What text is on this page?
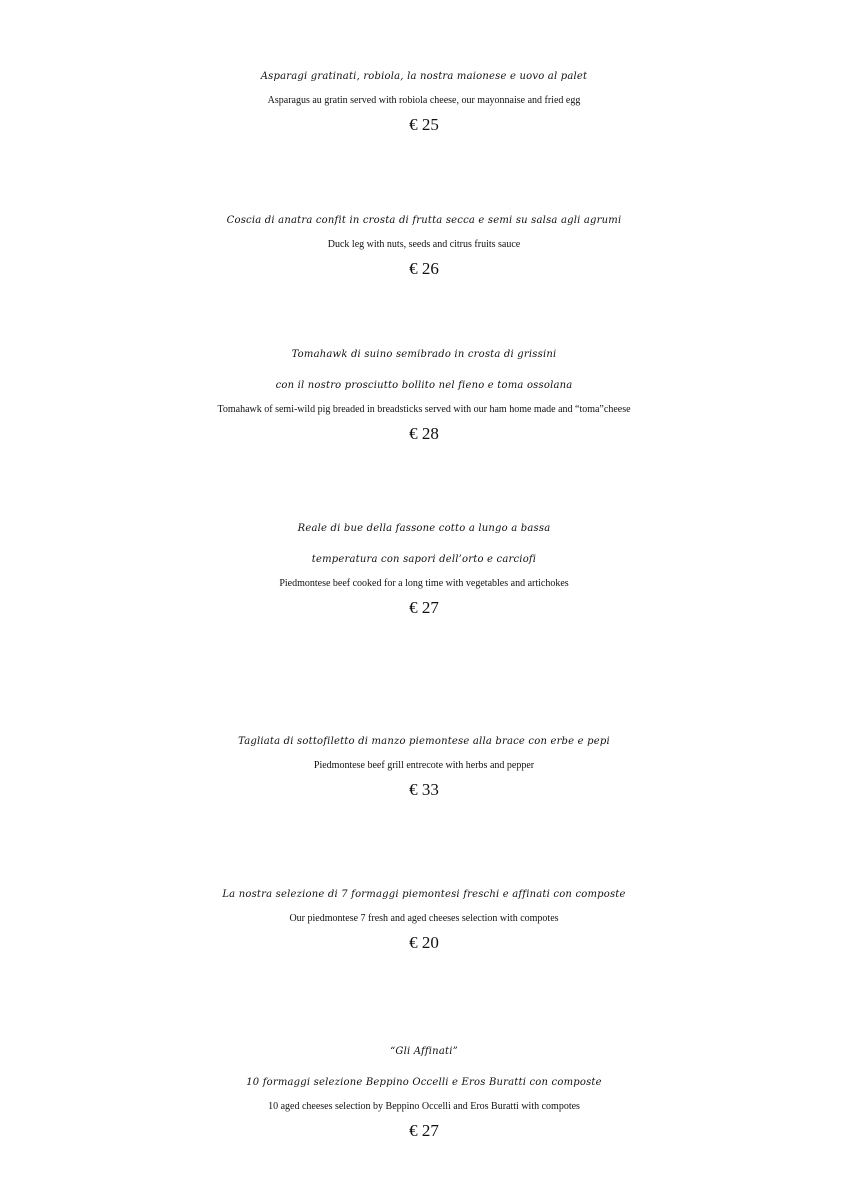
Asparagi gratinati, robiola, la nostra maionese e uovo al palet
Asparagus au gratin served with robiola cheese, our mayonnaise and fried egg
€ 25
Coscia di anatra confit in crosta di frutta secca e semi su salsa agli agrumi
Duck leg with nuts, seeds and citrus fruits sauce
€ 26
Tomahawk di suino semibrado in crosta di grissini
con il nostro prosciutto bollito nel fieno e toma ossolana
Tomahawk of semi-wild pig breaded in breadsticks served with our ham home made and “toma”cheese
€ 28
Reale di bue della fassone cotto a lungo a bassa
temperatura con sapori dell’orto e carciofi
Piedmontese beef cooked for a long time with vegetables and artichokes
€ 27
Tagliata di sottofiletto di manzo piemontese alla brace con erbe e pepi
Piedmontese beef grill entrecote with herbs and pepper
€ 33
La nostra selezione di 7 formaggi piemontesi freschi e affinati con composte
Our piedmontese 7 fresh and aged cheeses selection with compotes
€ 20
“Gli Affinati”
10 formaggi selezione Beppino Occelli e Eros Buratti con composte
10 aged cheeses selection by Beppino Occelli and Eros Buratti with compotes
€ 27
